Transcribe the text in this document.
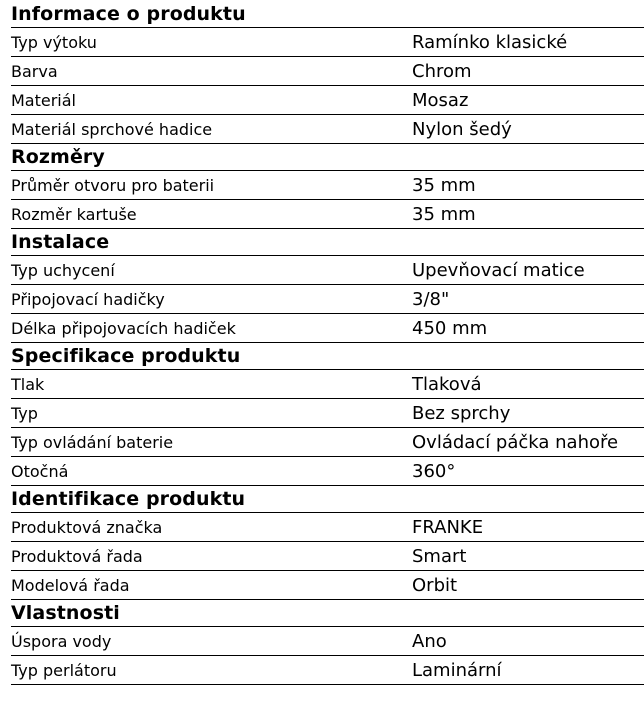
Informace o produktu
Typ výtoku	Ramínko klasické
Barva	Chrom
Materiál	Mosaz
Materiál sprchové hadice	Nylon šedý
Rozměry
Průměr otvoru pro baterii	35 mm
Rozměr kartuše	35 mm
Instalace
Typ uchycení	Upevňovací matice
Připojovací hadičky	3/8"
Délka připojovacích hadiček	450 mm
Specifikace produktu
Tlak	Tlaková
Typ	Bez sprchy
Typ ovládání baterie	Ovládací páčka nahoře
Otočná	360°
Identifikace produktu
Produktová značka	FRANKE
Produktová řada	Smart
Modelová řada	Orbit
Vlastnosti
Úspora vody	Ano
Typ perlátoru	Laminární
